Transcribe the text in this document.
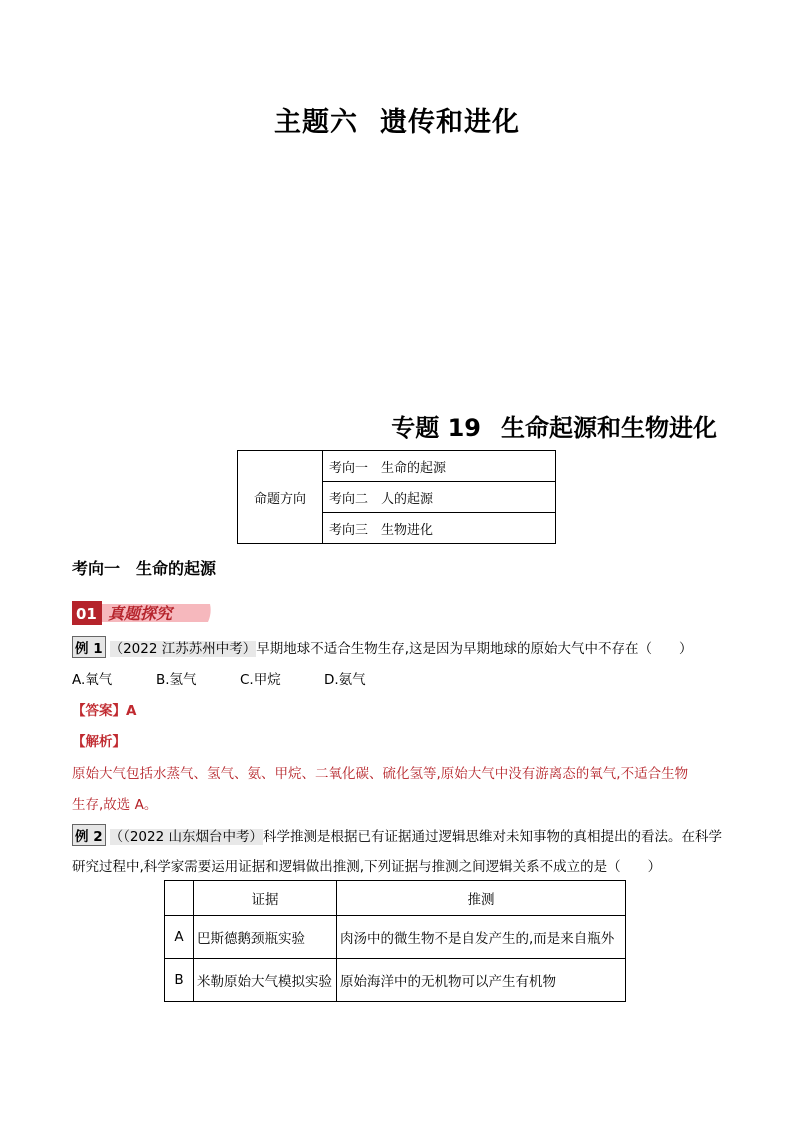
主题六 遗传和进化
专题 19 生命起源和生物进化
命题方向	考向一　生命的起源
考向二　人的起源
考向三　生物进化
考向一　生命的起源
01 真题探究
例 1 （2022 江苏苏州中考）早期地球不适合生物生存,这是因为早期地球的原始大气中不存在（　　）
A.氧气	B.氢气	C.甲烷	D.氨气
【答案】A
【解析】
原始大气包括水蒸气、氢气、氨、甲烷、二氧化碳、硫化氢等,原始大气中没有游离态的氧气,不适合生物
生存,故选 A。
例 2 （（2022 山东烟台中考）科学推测是根据已有证据通过逻辑思维对未知事物的真相提出的看法。在科学
研究过程中,科学家需要运用证据和逻辑做出推测,下列证据与推测之间逻辑关系不成立的是（　　）
	证据	推测
A	巴斯德鹅颈瓶实验	肉汤中的微生物不是自发产生的,而是来自瓶外
B	米勒原始大气模拟实验	原始海洋中的无机物可以产生有机物
